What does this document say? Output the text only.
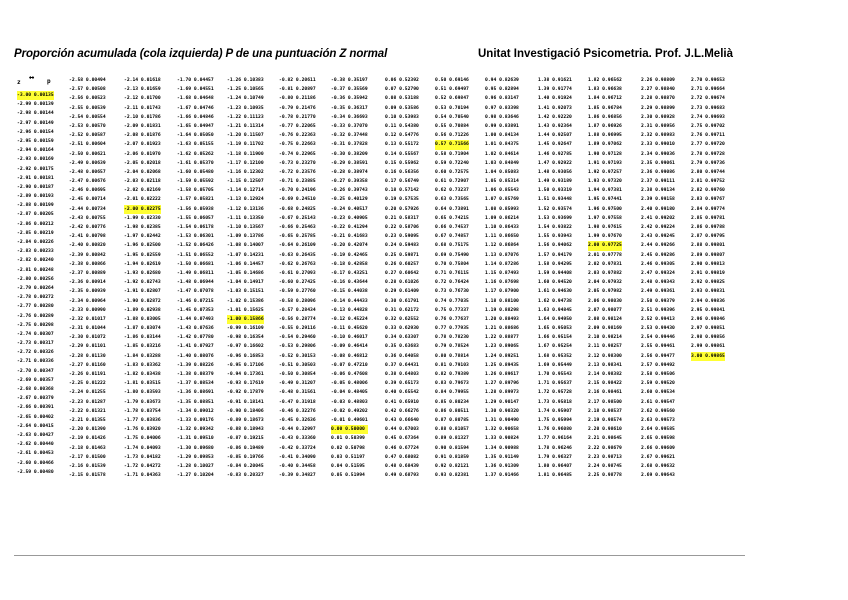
Proporción acumulada (cola izquierda) P de una puntuación Z normal	Unitat Investigació Psicometria. Prof. J.L.Melià
z ↔ p
-3.00 0.00135
-2.99 0.00139
-2.98 0.00144
-2.97 0.00149
-2.96 0.00154
-2.95 0.00159
-2.94 0.00164
-2.93 0.00169
-2.92 0.00175
-2.91 0.00181
-2.90 0.00187
-2.89 0.00193
-2.88 0.00199
-2.87 0.00205
-2.86 0.00212
-2.85 0.00219
-2.84 0.00226
-2.83 0.00233
-2.82 0.00240
-2.81 0.00248
-2.80 0.00256
-2.79 0.00264
-2.78 0.00272
-2.77 0.00280
-2.76 0.00289
-2.75 0.00298
-2.74 0.00307
-2.73 0.00317
-2.72 0.00326
-2.71 0.00336
-2.70 0.00347
-2.69 0.00357
-2.68 0.00368
-2.67 0.00379
-2.66 0.00391
-2.65 0.00402
-2.64 0.00415
-2.63 0.00427
-2.62 0.00440
-2.61 0.00453
-2.60 0.00466
-2.59 0.00480
-2.58 0.00494
-2.57 0.00508
-2.56 0.00523
-2.55 0.00539
-2.54 0.00554
-2.53 0.00570
-2.52 0.00587
-2.51 0.00604
-2.50 0.00621
-2.49 0.00639
-2.48 0.00657
-2.47 0.00676
-2.46 0.00695
-2.45 0.00714
-2.44 0.00734
-2.43 0.00755
-2.42 0.00776
-2.41 0.00798
-2.40 0.00820
-2.39 0.00842
-2.38 0.00866
-2.37 0.00889
-2.36 0.00914
-2.35 0.00939
-2.34 0.00964
-2.33 0.00990
-2.32 0.01017
-2.31 0.01044
-2.30 0.01072
-2.29 0.01101
-2.28 0.01130
-2.27 0.01160
-2.26 0.01191
-2.25 0.01222
-2.24 0.01255
-2.23 0.01287
-2.22 0.01321
-2.21 0.01355
-2.20 0.01390
-2.19 0.01426
-2.18 0.01463
-2.17 0.01500
-2.16 0.01539
-2.15 0.01578
-2.14 0.01618
-2.13 0.01659
-2.12 0.01700
-2.11 0.01743
-2.10 0.01786
-2.09 0.01831
-2.08 0.01876
-2.07 0.01923
-2.06 0.01970
-2.05 0.02018
-2.04 0.02068
-2.03 0.02118
-2.02 0.02169
-2.01 0.02222
-2.00 0.02275
-1.99 0.02330
-1.98 0.02385
-1.97 0.02442
-1.96 0.02500
-1.95 0.02559
-1.94 0.02619
-1.93 0.02680
-1.92 0.02743
-1.91 0.02807
-1.90 0.02872
-1.89 0.02938
-1.88 0.03005
-1.87 0.03074
-1.86 0.03144
-1.85 0.03216
-1.84 0.03288
-1.83 0.03362
-1.82 0.03438
-1.81 0.03515
-1.80 0.03593
-1.79 0.03673
-1.78 0.03754
-1.77 0.03836
-1.76 0.03920
-1.75 0.04006
-1.74 0.04093
-1.73 0.04182
-1.72 0.04272
-1.71 0.04363
-1.70 0.04457
-1.69 0.04551
-1.68 0.04648
-1.67 0.04746
-1.66 0.04846
-1.65 0.04947
-1.64 0.05050
-1.63 0.05155
-1.62 0.05262
-1.61 0.05370
-1.60 0.05480
-1.59 0.05592
-1.58 0.05705
-1.57 0.05821
-1.56 0.05938
-1.55 0.06057
-1.54 0.06178
-1.53 0.06301
-1.52 0.06426
-1.51 0.06552
-1.50 0.06681
-1.49 0.06811
-1.48 0.06944
-1.47 0.07078
-1.46 0.07215
-1.45 0.07353
-1.44 0.07493
-1.43 0.07636
-1.42 0.07780
-1.41 0.07927
-1.40 0.08076
-1.39 0.08226
-1.38 0.08379
-1.37 0.08534
-1.36 0.08691
-1.35 0.08851
-1.34 0.09012
-1.33 0.09176
-1.32 0.09342
-1.31 0.09510
-1.30 0.09680
-1.29 0.09853
-1.28 0.10027
-1.27 0.10204
-1.26 0.10383
-1.25 0.10565
-1.24 0.10749
-1.23 0.10935
-1.22 0.11123
-1.21 0.11314
-1.20 0.11507
-1.19 0.11702
-1.18 0.11900
-1.17 0.12100
-1.16 0.12302
-1.15 0.12507
-1.14 0.12714
-1.13 0.12924
-1.12 0.13136
-1.11 0.13350
-1.10 0.13567
-1.09 0.13786
-1.08 0.14007
-1.07 0.14231
-1.06 0.14457
-1.05 0.14686
-1.04 0.14917
-1.03 0.15151
-1.02 0.15386
-1.01 0.15625
-1.00 0.15866
-0.99 0.16109
-0.98 0.16354
-0.97 0.16602
-0.96 0.16853
-0.95 0.17106
-0.94 0.17361
-0.93 0.17619
-0.92 0.17879
-0.91 0.18141
-0.90 0.18406
-0.89 0.18673
-0.88 0.18943
-0.87 0.19215
-0.86 0.19489
-0.85 0.19766
-0.84 0.20045
-0.83 0.20327
-0.82 0.20611
-0.81 0.20897
-0.80 0.21186
-0.79 0.21476
-0.78 0.21770
-0.77 0.22065
-0.76 0.22363
-0.75 0.22663
-0.74 0.22965
-0.73 0.23270
-0.72 0.23576
-0.71 0.23885
-0.70 0.24196
-0.69 0.24510
-0.68 0.24825
-0.67 0.25143
-0.66 0.25463
-0.65 0.25785
-0.64 0.26109
-0.63 0.26435
-0.62 0.26763
-0.61 0.27093
-0.60 0.27425
-0.59 0.27760
-0.58 0.28096
-0.57 0.28434
-0.56 0.28774
-0.55 0.29116
-0.54 0.29460
-0.53 0.29806
-0.52 0.30153
-0.51 0.30503
-0.50 0.30854
-0.49 0.31207
-0.48 0.31561
-0.47 0.31918
-0.46 0.32276
-0.45 0.32636
-0.44 0.32997
-0.43 0.33360
-0.42 0.33724
-0.41 0.34090
-0.40 0.34458
-0.39 0.34827
-0.38 0.35197
-0.37 0.35569
-0.36 0.35942
-0.35 0.36317
-0.34 0.36693
-0.33 0.37070
-0.32 0.37448
-0.31 0.37828
-0.30 0.38209
-0.29 0.38591
-0.28 0.38974
-0.27 0.39358
-0.26 0.39743
-0.25 0.40129
-0.24 0.40517
-0.23 0.40905
-0.22 0.41294
-0.21 0.41683
-0.20 0.42074
-0.19 0.42465
-0.18 0.42858
-0.17 0.43251
-0.16 0.43644
-0.15 0.44038
-0.14 0.44433
-0.13 0.44828
-0.12 0.45224
-0.11 0.45620
-0.10 0.46017
-0.09 0.46414
-0.08 0.46812
-0.07 0.47210
-0.06 0.47608
-0.05 0.48006
-0.04 0.48405
-0.03 0.48803
-0.02 0.49202
-0.01 0.49601
0.00 0.50000
0.01 0.50399
0.02 0.50798
0.03 0.51197
0.04 0.51595
0.05 0.51994
0.06 0.52392
0.07 0.52790
0.08 0.53188
0.09 0.53586
0.10 0.53983
0.11 0.54380
0.12 0.54776
0.13 0.55172
0.14 0.55567
0.15 0.55962
0.16 0.56356
0.17 0.56749
0.18 0.57142
0.19 0.57535
0.20 0.57926
0.21 0.58317
0.22 0.58706
0.23 0.59095
0.24 0.59483
0.25 0.59871
0.26 0.60257
0.27 0.60642
0.28 0.61026
0.29 0.61409
0.30 0.61791
0.31 0.62172
0.32 0.62552
0.33 0.62930
0.34 0.63307
0.35 0.63683
0.36 0.64058
0.37 0.64431
0.38 0.64803
0.39 0.65173
0.40 0.65542
0.41 0.65910
0.42 0.66276
0.43 0.66640
0.44 0.67003
0.45 0.67364
0.46 0.67724
0.47 0.68082
0.48 0.68439
0.49 0.68793
0.50 0.69146
0.51 0.69497
0.52 0.69847
0.53 0.70194
0.54 0.70540
0.55 0.70884
0.56 0.71226
0.57 0.71566
0.58 0.71904
0.59 0.72240
0.60 0.72575
0.61 0.72907
0.62 0.73237
0.63 0.73565
0.64 0.73891
0.65 0.74215
0.66 0.74537
0.67 0.74857
0.68 0.75175
0.69 0.75490
0.70 0.75804
0.71 0.76115
0.72 0.76424
0.73 0.76730
0.74 0.77035
0.75 0.77337
0.76 0.77637
0.77 0.77935
0.78 0.78230
0.79 0.78524
0.80 0.78814
0.81 0.79103
0.82 0.79389
0.83 0.79673
0.84 0.79955
0.85 0.80234
0.86 0.80511
0.87 0.80785
0.88 0.81057
0.89 0.81327
0.90 0.81594
0.91 0.81859
0.92 0.82121
0.93 0.82381
0.94 0.82639
0.95 0.82894
0.96 0.83147
0.97 0.83398
0.98 0.83646
0.99 0.83891
1.00 0.84134
1.01 0.84375
1.02 0.84614
1.03 0.84849
1.04 0.85083
1.05 0.85314
1.06 0.85543
1.07 0.85769
1.08 0.85993
1.09 0.86214
1.10 0.86433
1.11 0.86650
1.12 0.86864
1.13 0.87076
1.14 0.87286
1.15 0.87493
1.16 0.87698
1.17 0.87900
1.18 0.88100
1.19 0.88298
1.20 0.88493
1.21 0.88686
1.22 0.88877
1.23 0.89065
1.24 0.89251
1.25 0.89435
1.26 0.89617
1.27 0.89796
1.28 0.89973
1.29 0.90147
1.30 0.90320
1.31 0.90490
1.32 0.90658
1.33 0.90824
1.34 0.90988
1.35 0.91149
1.36 0.91309
1.37 0.91466
1.38 0.91621
1.39 0.91774
1.40 0.91924
1.41 0.92073
1.42 0.92220
1.43 0.92364
1.44 0.92507
1.45 0.92647
1.46 0.92785
1.47 0.92922
1.48 0.93056
1.49 0.93189
1.50 0.93319
1.51 0.93448
1.52 0.93574
1.53 0.93699
1.54 0.93822
1.55 0.93943
1.56 0.94062
1.57 0.94179
1.58 0.94295
1.59 0.94408
1.60 0.94520
1.61 0.94630
1.62 0.94738
1.63 0.94845
1.64 0.94950
1.65 0.95053
1.66 0.95154
1.67 0.95254
1.68 0.95352
1.69 0.95449
1.70 0.95543
1.71 0.95637
1.72 0.95728
1.73 0.95818
1.74 0.95907
1.75 0.95994
1.76 0.96080
1.77 0.96164
1.78 0.96246
1.79 0.96327
1.80 0.96407
1.81 0.96485
1.82 0.96562
1.83 0.96638
1.84 0.96712
1.85 0.96784
1.86 0.96856
1.87 0.96926
1.88 0.96995
1.89 0.97062
1.90 0.97128
1.91 0.97193
1.92 0.97257
1.93 0.97320
1.94 0.97381
1.95 0.97441
1.96 0.97500
1.97 0.97558
1.98 0.97615
1.99 0.97670
2.00 0.97725
2.01 0.97778
2.02 0.97831
2.03 0.97882
2.04 0.97932
2.05 0.97982
2.06 0.98030
2.07 0.98077
2.08 0.98124
2.09 0.98169
2.10 0.98214
2.11 0.98257
2.12 0.98300
2.13 0.98341
2.14 0.98382
2.15 0.98422
2.16 0.98461
2.17 0.98500
2.18 0.98537
2.19 0.98574
2.20 0.98610
2.21 0.98645
2.22 0.98679
2.23 0.98713
2.24 0.98745
2.25 0.98778
2.26 0.98809
2.27 0.98840
2.28 0.98870
2.29 0.98899
2.30 0.98928
2.31 0.98956
2.32 0.98983
2.33 0.99010
2.34 0.99036
2.35 0.99061
2.36 0.99086
2.37 0.99111
2.38 0.99134
2.39 0.99158
2.40 0.99180
2.41 0.99202
2.42 0.99224
2.43 0.99245
2.44 0.99266
2.45 0.99286
2.46 0.99305
2.47 0.99324
2.48 0.99343
2.49 0.99361
2.50 0.99379
2.51 0.99396
2.52 0.99413
2.53 0.99430
2.54 0.99446
2.55 0.99461
2.56 0.99477
2.57 0.99492
2.58 0.99506
2.59 0.99520
2.60 0.99534
2.61 0.99547
2.62 0.99560
2.63 0.99573
2.64 0.99585
2.65 0.99598
2.66 0.99609
2.67 0.99621
2.68 0.99632
2.69 0.99643
2.70 0.99653
2.71 0.99664
2.72 0.99674
2.73 0.99683
2.74 0.99693
2.75 0.99702
2.76 0.99711
2.77 0.99720
2.78 0.99728
2.79 0.99736
2.80 0.99744
2.81 0.99752
2.82 0.99760
2.83 0.99767
2.84 0.99774
2.85 0.99781
2.86 0.99788
2.87 0.99795
2.88 0.99801
2.89 0.99807
2.90 0.99813
2.91 0.99819
2.92 0.99825
2.93 0.99831
2.94 0.99836
2.95 0.99841
2.96 0.99846
2.97 0.99851
2.98 0.99856
2.99 0.99861
3.00 0.99865
